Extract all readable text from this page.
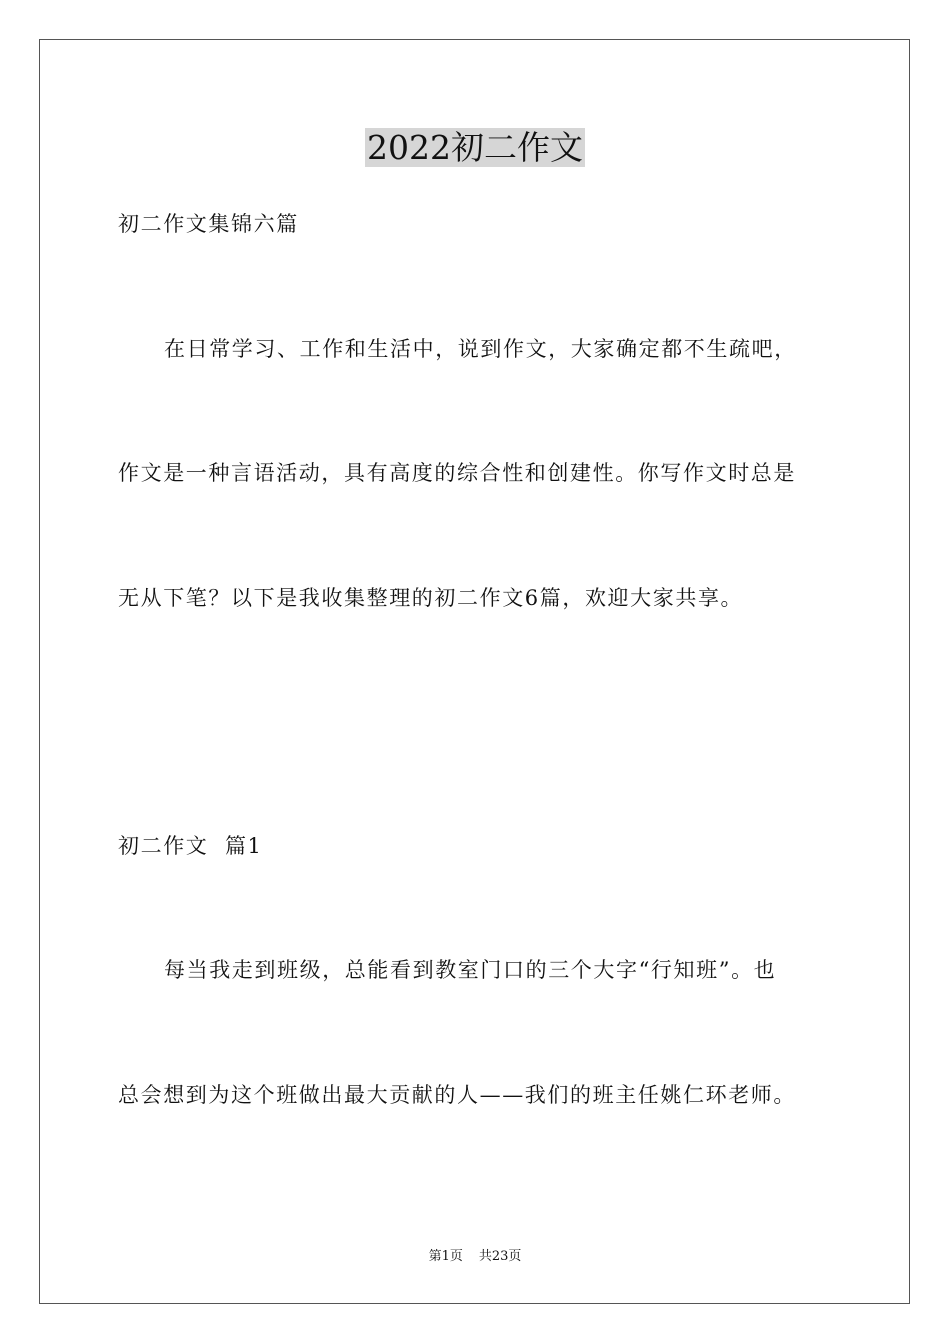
2022初二作文
初二作文集锦六篇
在日常学习、工作和生活中，说到作文，大家确定都不生疏吧，
作文是一种言语活动，具有高度的综合性和创建性。你写作文时总是
无从下笔？以下是我收集整理的初二作文6篇，欢迎大家共享。
初二作文  篇1
每当我走到班级，总能看到教室门口的三个大字“行知班”。也
总会想到为这个班做出最大贡献的人——我们的班主任姚仁环老师。
第1页 共23页
